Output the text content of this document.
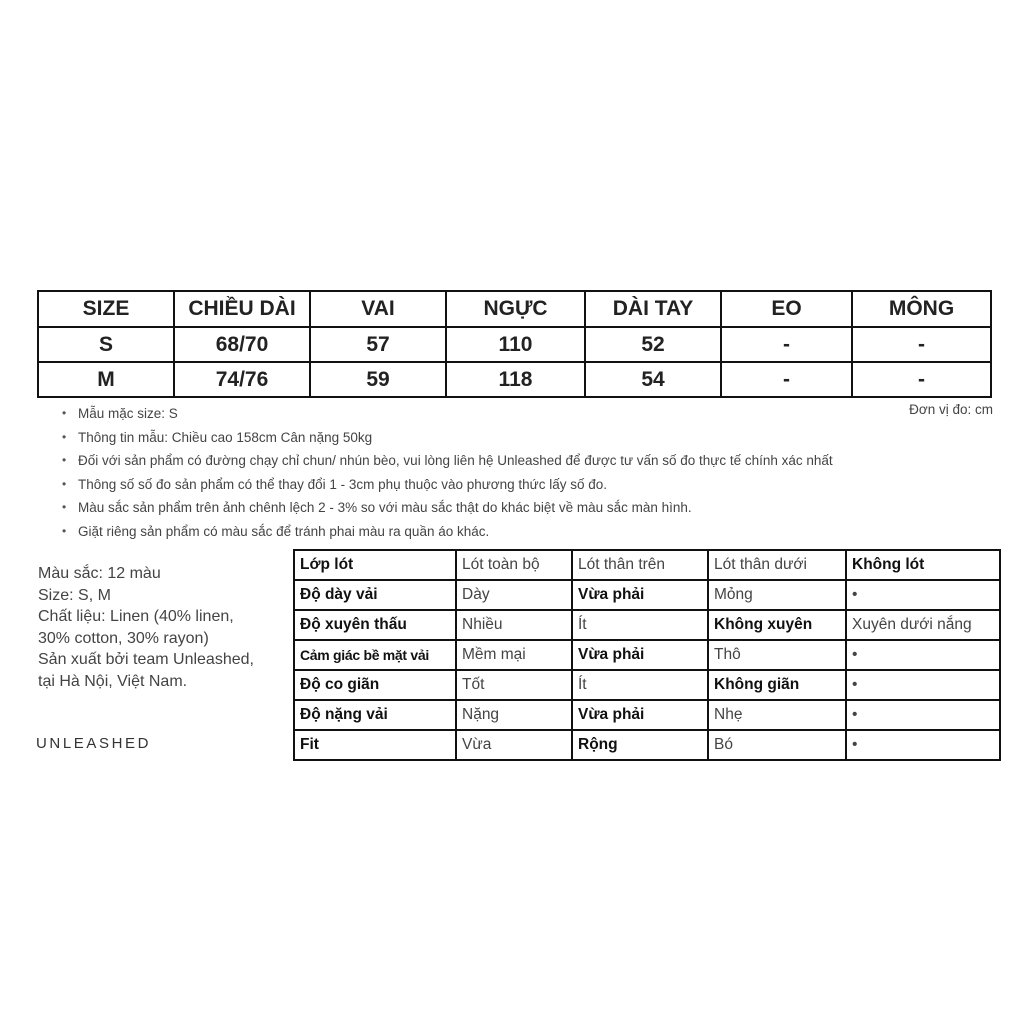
SIZE	CHIỀU DÀI	VAI	NGỰC	DÀI TAY	EO	MÔNG
S	68/70	57	110	52	-	-
M	74/76	59	118	54	-	-
• Mẫu mặc size: S
• Thông tin mẫu: Chiều cao 158cm Cân nặng 50kg
• Đối với sản phẩm có đường chạy chỉ chun/ nhún bèo, vui lòng liên hệ Unleashed để được tư vấn số đo thực tế chính xác nhất
• Thông số số đo sản phẩm có thể thay đổi 1 - 3cm phụ thuộc vào phương thức lấy số đo.
• Màu sắc sản phẩm trên ảnh chênh lệch 2 - 3% so với màu sắc thật do khác biệt về màu sắc màn hình.
• Giặt riêng sản phẩm có màu sắc để tránh phai màu ra quần áo khác.
Đơn vị đo: cm
Màu sắc: 12 màu
Size: S, M
Chất liệu: Linen (40% linen,
30% cotton, 30% rayon)
Sản xuất bởi team Unleashed,
tại Hà Nội, Việt Nam.
UNLEASHED
Lớp lót	Lót toàn bộ	Lót thân trên	Lót thân dưới	Không lót
Độ dày vải	Dày	Vừa phải	Mỏng	•
Độ xuyên thấu	Nhiều	Ít	Không xuyên	Xuyên dưới nắng
Cảm giác bề mặt vải	Mềm mại	Vừa phải	Thô	•
Độ co giãn	Tốt	Ít	Không giãn	•
Độ nặng vải	Nặng	Vừa phải	Nhẹ	•
Fit	Vừa	Rộng	Bó	•
